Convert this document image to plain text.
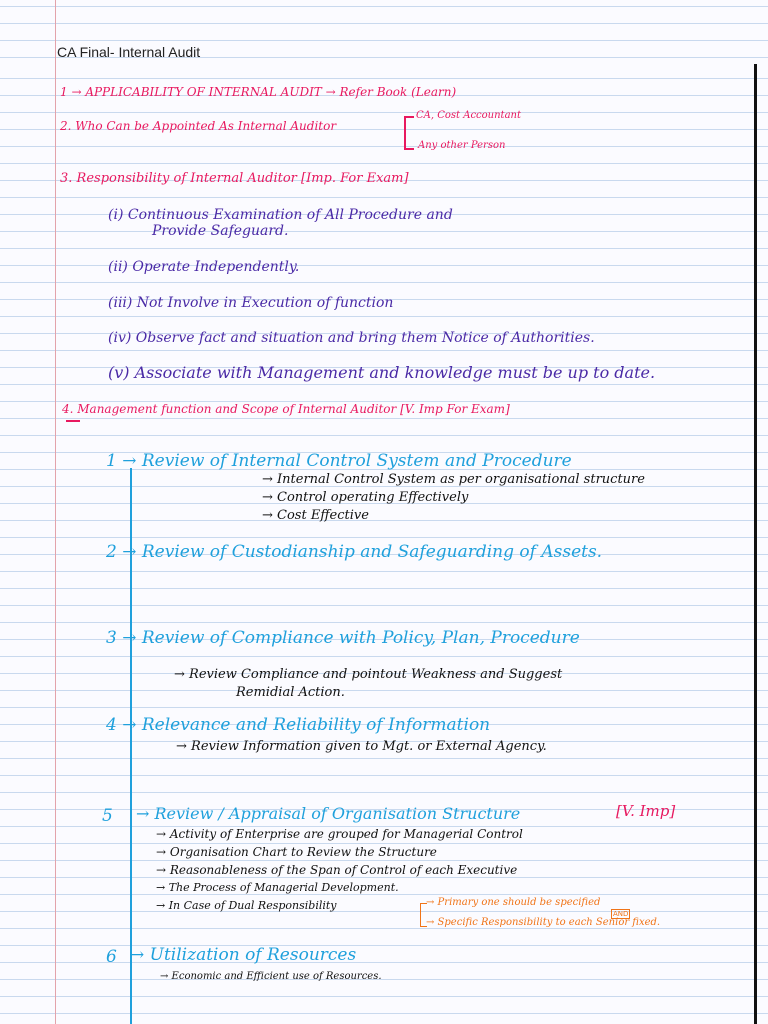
CA Final- Internal Audit
1 → APPLICABILITY OF INTERNAL AUDIT → Refer Book (Learn)
2. Who Can be Appointed As Internal Auditor
CA, Cost Accountant
Any other Person
3. Responsibility of Internal Auditor [Imp. For Exam]
(i) Continuous Examination of All Procedure and
Provide Safeguard.
(ii) Operate Independently.
(iii) Not Involve in Execution of function
(iv) Observe fact and situation and bring them Notice of Authorities.
(v) Associate with Management and knowledge must be up to date.
4. Management function and Scope of Internal Auditor [V. Imp For Exam]
1 → Review of Internal Control System and Procedure
→ Internal Control System as per organisational structure
→ Control operating Effectively
→ Cost Effective
2 → Review of Custodianship and Safeguarding of Assets.
3 → Review of Compliance with Policy, Plan, Procedure
→ Review Compliance and pointout Weakness and Suggest
Remidial Action.
4 → Relevance and Reliability of Information
→ Review Information given to Mgt. or External Agency.
5 → Review / Appraisal of Organisation Structure	[V. Imp]
→ Activity of Enterprise are grouped for Managerial Control
→ Organisation Chart to Review the Structure
→ Reasonableness of the Span of Control of each Executive
→ The Process of Managerial Development.
→ In Case of Dual Responsibility	→ Primary one should be specified
AND
→ Specific Responsibility to each Senior fixed.
6 → Utilization of Resources
→ Economic and Efficient use of Resources.
